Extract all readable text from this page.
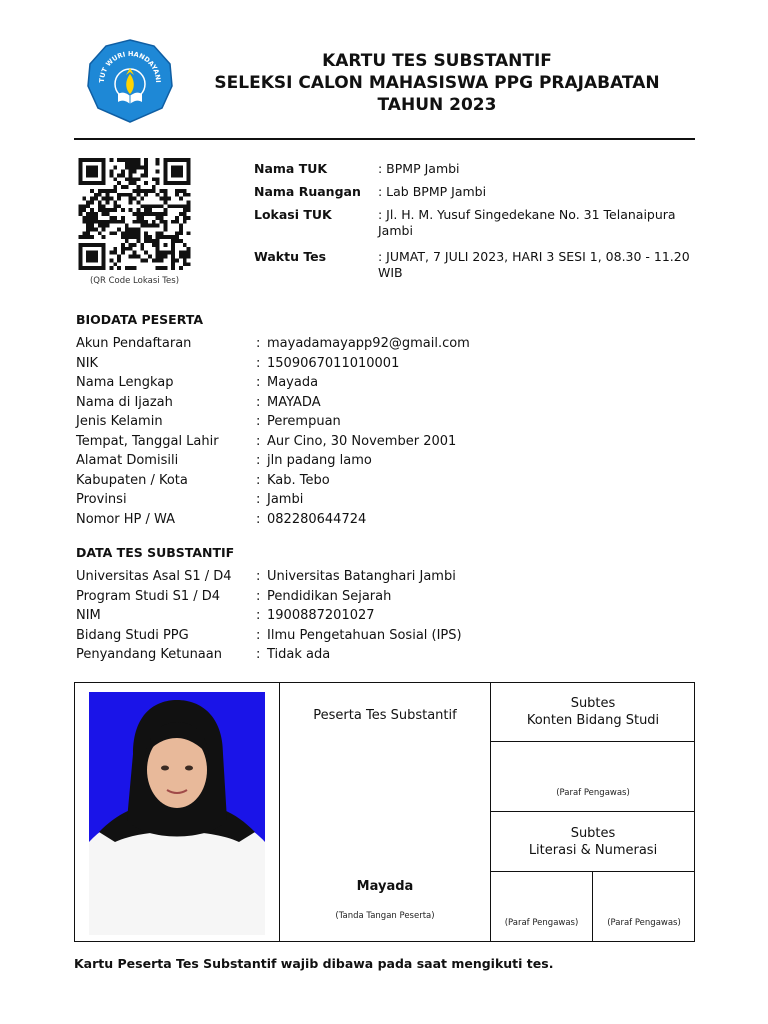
TUT WURI HANDAYANI
KARTU TES SUBSTANTIF
SELEKSI CALON MAHASISWA PPG PRAJABATAN
TAHUN 2023
(QR Code Lokasi Tes)
Nama TUK	: BPMP Jambi
Nama Ruangan : Lab BPMP Jambi
Lokasi TUK	: Jl. H. M. Yusuf Singedekane No. 31 Telanaipura Jambi
Waktu Tes	: JUMAT, 7 JULI 2023, HARI 3 SESI 1, 08.30 - 11.20 WIB
BIODATA PESERTA
Akun Pendaftaran	: mayadamayapp92@gmail.com
NIK	: 1509067011010001
Nama Lengkap	: Mayada
Nama di Ijazah	: MAYADA
Jenis Kelamin	: Perempuan
Tempat, Tanggal Lahir	: Aur Cino, 30 November 2001
Alamat Domisili	: jln padang lamo
Kabupaten / Kota	: Kab. Tebo
Provinsi	: Jambi
Nomor HP / WA	: 082280644724
DATA TES SUBSTANTIF
Universitas Asal S1 / D4 : Universitas Batanghari Jambi
Program Studi S1 / D4	: Pendidikan Sejarah
NIM	: 1900887201027
Bidang Studi PPG	: Ilmu Pengetahuan Sosial (IPS)
Penyandang Ketunaan	: Tidak ada
Peserta Tes Substantif
Mayada
(Tanda Tangan Peserta)
Subtes
Konten Bidang Studi
(Paraf Pengawas)
Subtes
Literasi & Numerasi
(Paraf Pengawas)	(Paraf Pengawas)
Kartu Peserta Tes Substantif wajib dibawa pada saat mengikuti tes.
